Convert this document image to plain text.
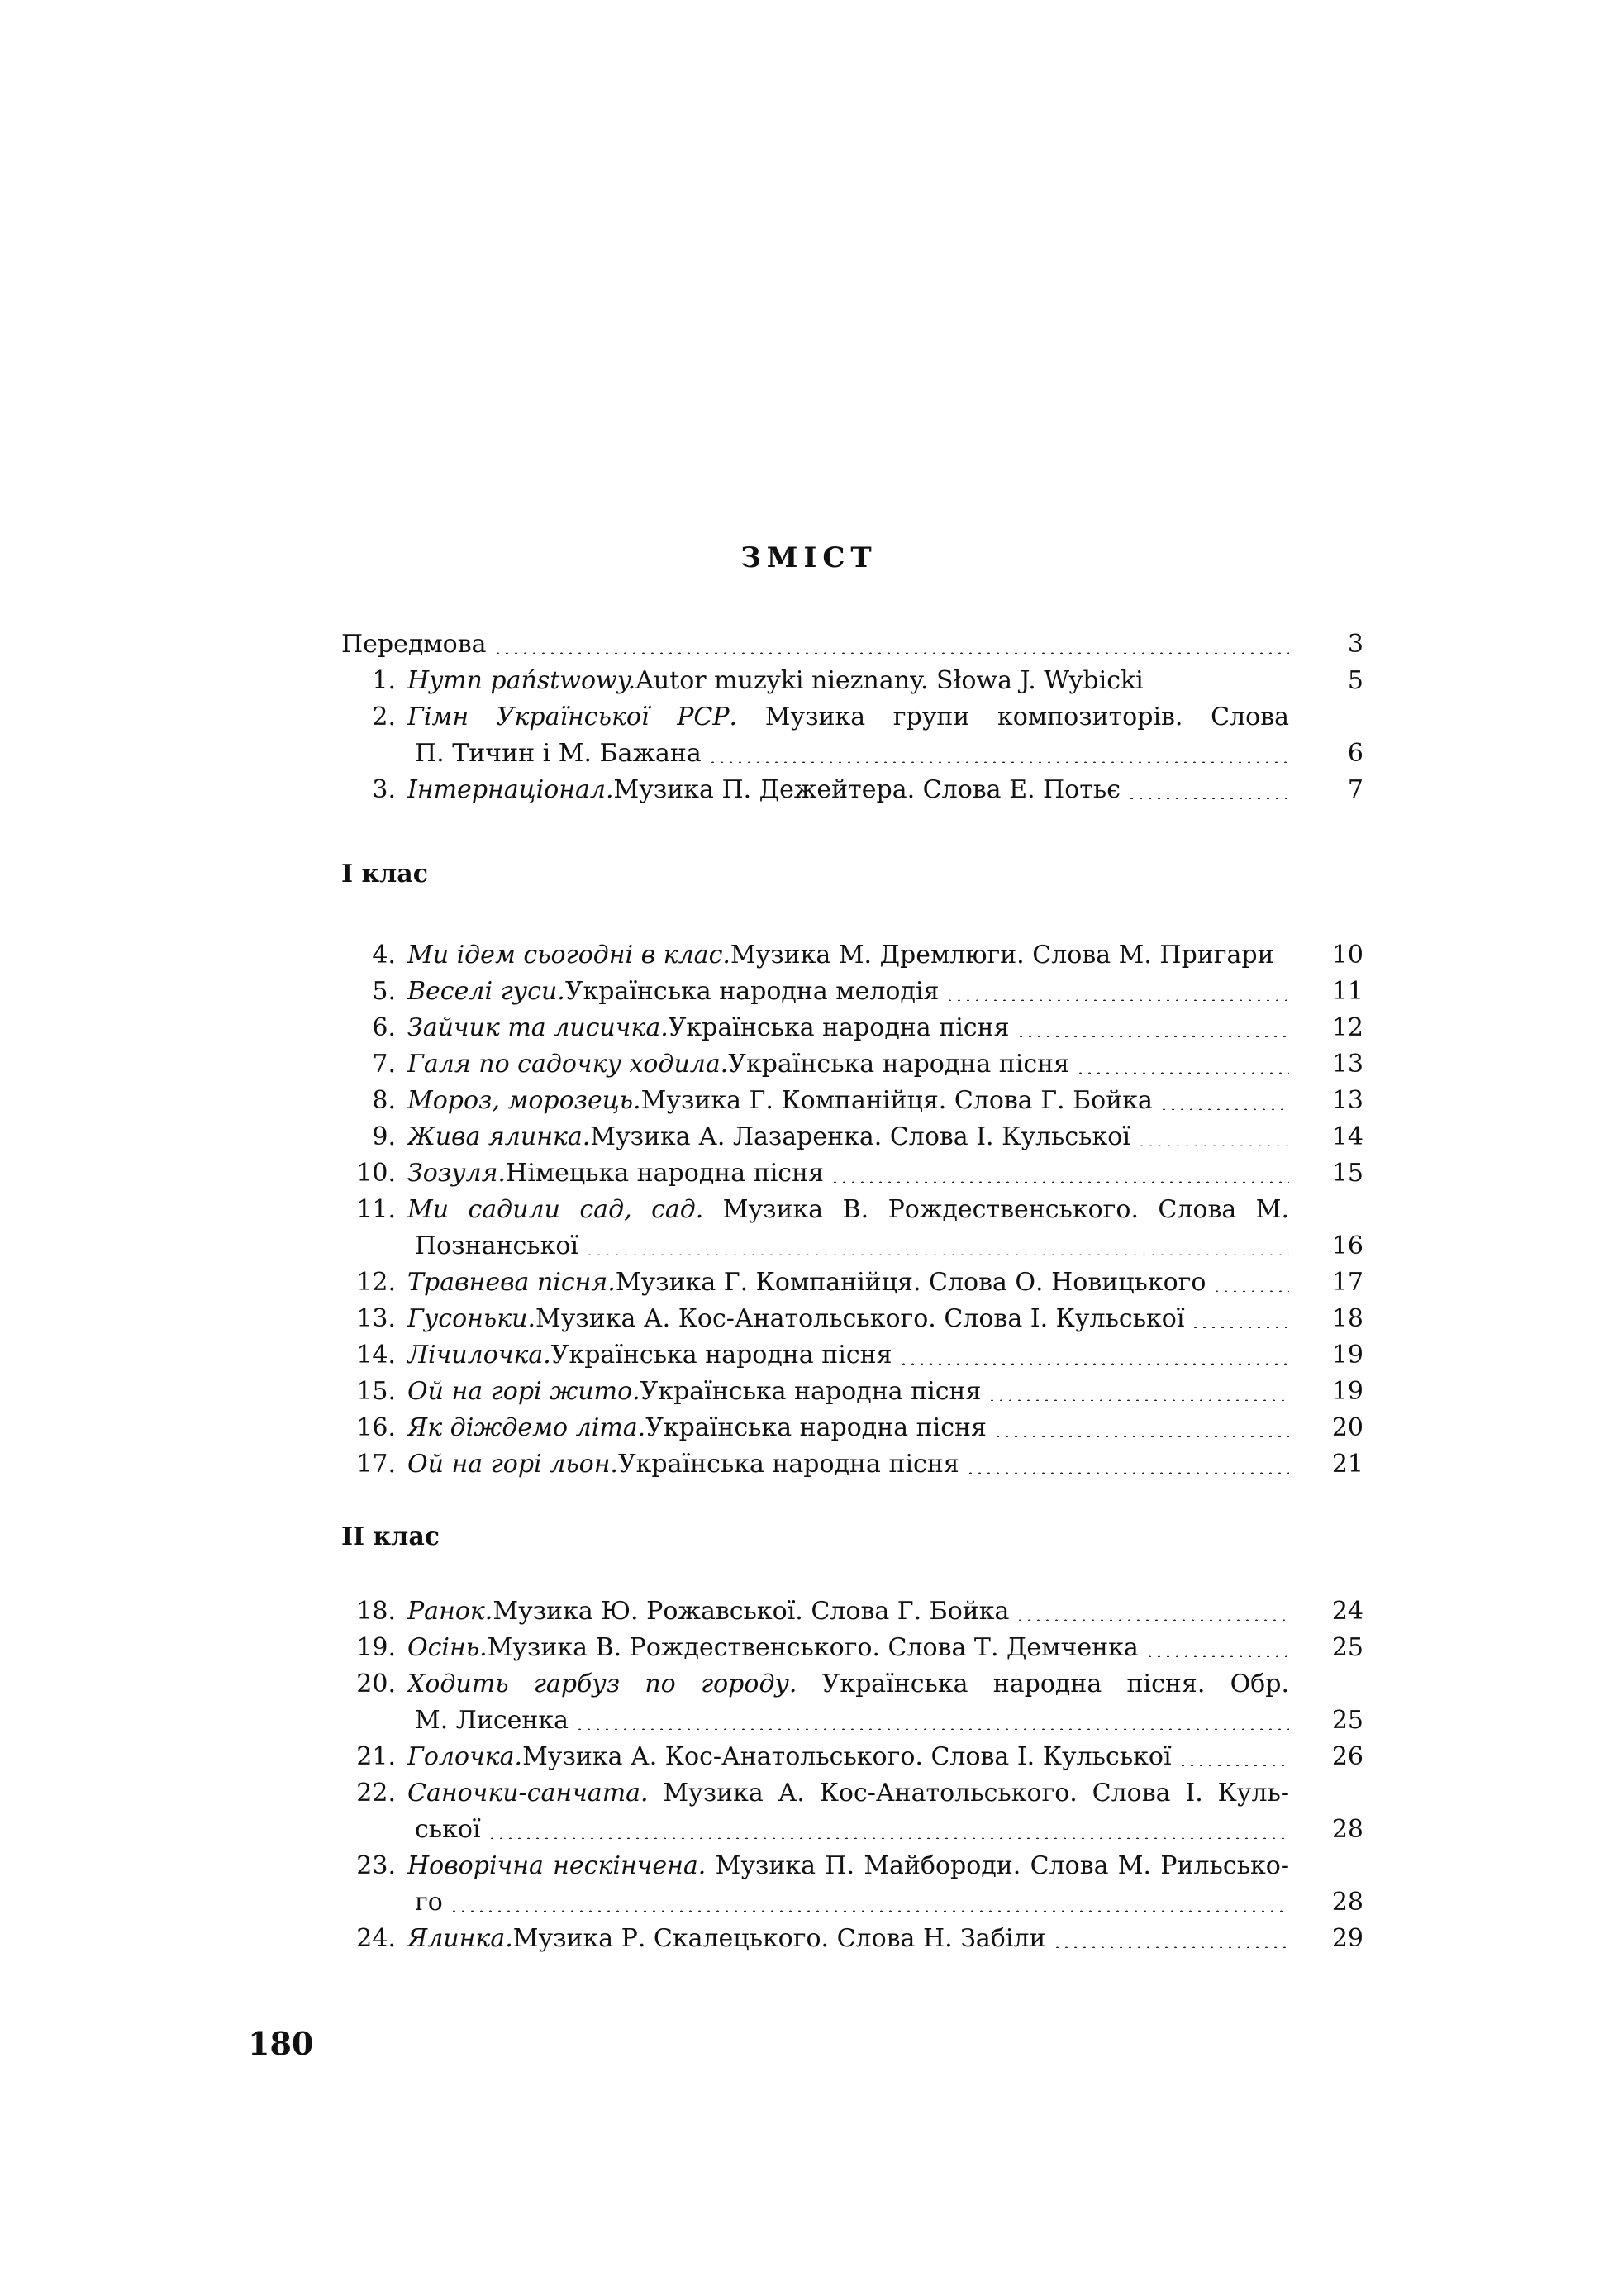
ЗМІСТ
Передмова	3
1. Hymn państwowy. Autor muzyki nieznany. Słowa J. Wybicki	5
2. Гімн Української РСР. Музика групи композиторів. Слова
П. Тичин і М. Бажана	6
3. Інтернаціонал. Музика П. Дежейтера. Слова Е. Потьє	7
I клас
4. Ми ідем сьогодні в клас. Музика М. Дремлюги. Слова М. Пригари	10
5. Веселі гуси. Українська народна мелодія	11
6. Зайчик та лисичка. Українська народна пісня	12
7. Галя по садочку ходила. Українська народна пісня	13
8. Мороз, морозець. Музика Г. Компанійця. Слова Г. Бойка	13
9. Жива ялинка. Музика А. Лазаренка. Слова І. Кульської	14
10. Зозуля. Німецька народна пісня	15
11. Ми садили сад, сад. Музика В. Рождественського. Слова М.
Познанської	16
12. Травнева пісня. Музика Г. Компанійця. Слова О. Новицького	17
13. Гусоньки. Музика А. Кос-Анатольського. Слова І. Кульської	18
14. Лічилочка. Українська народна пісня	19
15. Ой на горі жито. Українська народна пісня	19
16. Як діждемо літа. Українська народна пісня	20
17. Ой на горі льон. Українська народна пісня	21
II клас
18. Ранок. Музика Ю. Рожавської. Слова Г. Бойка	24
19. Осінь. Музика В. Рождественського. Слова Т. Демченка	25
20. Ходить гарбуз по городу. Українська народна пісня. Обр.
М. Лисенка	25
21. Голочка. Музика А. Кос-Анатольського. Слова І. Кульської	26
22. Саночки-санчата. Музика А. Кос-Анатольського. Слова І. Куль-
ської	28
23. Новорічна нескінчена. Музика П. Майбороди. Слова М. Рильсько-
го	28
24. Ялинка. Музика Р. Скалецького. Слова Н. Забіли	29
180
